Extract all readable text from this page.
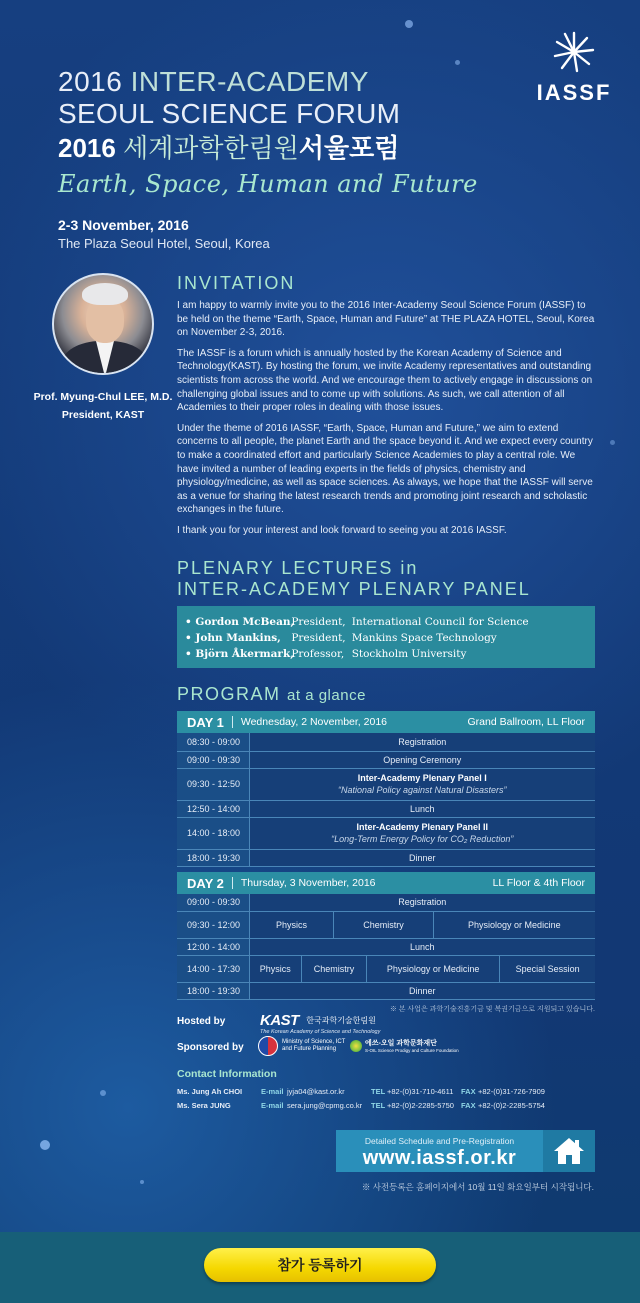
2016 INTER-ACADEMY
SEOUL SCIENCE FORUM
2016 세계과학한림원서울포럼
Earth, Space, Human and Future
2-3 November, 2016
The Plaza Seoul Hotel, Seoul, Korea
IASSF
Prof. Myung-Chul LEE, M.D.
President, KAST
INVITATION

I am happy to warmly invite you to the 2016 Inter-Academy Seoul Science Forum (IASSF) to be held on the theme “Earth, Space, Human and Future” at THE PLAZA HOTEL, Seoul, Korea on November 2-3, 2016.

The IASSF is a forum which is annually hosted by the Korean Academy of Science and Technology(KAST). By hosting the forum, we invite Academy representatives and outstanding scientists from across the world. And we encourage them to actively engage in discussions on challenging global issues and to come up with solutions. As such, we call attention of all Academies to their proper roles in dealing with those issues.

Under the theme of 2016 IASSF, “Earth, Space, Human and Future,” we aim to extend concerns to all people, the planet Earth and the space beyond it. And we expect every country to make a coordinated effort and particularly Science Academies to play a central role. We have invited a number of leading experts in the fields of physics, chemistry and physiology/medicine, as well as space sciences. As always, we hope that the IASSF will serve as a venue for sharing the latest research trends and promoting joint research and scholastic exchanges in the future.

I thank you for your interest and look forward to seeing you at 2016 IASSF.

PLENARY LECTURES in
INTER-ACADEMY PLENARY PANEL
• Gordon McBean, President, International Council for Science
• John Mankins, President, Mankins Space Technology
• Björn Åkermark, Professor, Stockholm University
PROGRAM at a glance
DAY 1 Wednesday, 2 November, 2016	Grand Ballroom, LL Floor
08:30 - 09:00	Registration

09:00 - 09:30	Opening Ceremony

09:30 - 12:50	Inter-Academy Plenary Panel I
“National Policy against Natural Disasters”

12:50 - 14:00	Lunch

14:00 - 18:00	Inter-Academy Plenary Panel II
“Long-Term Energy Policy for CO₂ Reduction”

18:00 - 19:30	Dinner
DAY 2 Thursday, 3 November, 2016	LL Floor & 4th Floor
09:00 - 09:30	Registration					
09:30 - 12:00	Physics		Chemistry		Physiology or Medicine	
12:00 - 14:00	Lunch					
14:00 - 17:30	Physics	Chemistry		Physiology or Medicine		Special Session
18:00 - 19:30	Dinner					
※ 본 사업은 과학기술진흥기금 및 복권기금으로 지원되고 있습니다.
Hosted by KAST 한국과학기술한림원
The Korean Academy of Science and Technology
Sponsored by	Ministry of Science, ICT
and Future Planning
에쓰-오일 과학문화재단
S-OIL Science Prodigy and Culture Foundation
Contact Information
Ms. Jung Ah CHOI	E-mail jyja04@kast.or.kr	TEL +82-(0)31-710-4611 FAX +82-(0)31-726-7909
Ms. Sera JUNG	E-mail sera.jung@cpmg.co.kr TEL +82-(0)2-2285-5750 FAX +82-(0)2-2285-5754
Detailed Schedule and Pre-Registration
www.iassf.or.kr
※ 사전등록은 홈페이지에서 10월 11일 화요일부터 시작됩니다.
참가 등록하기
